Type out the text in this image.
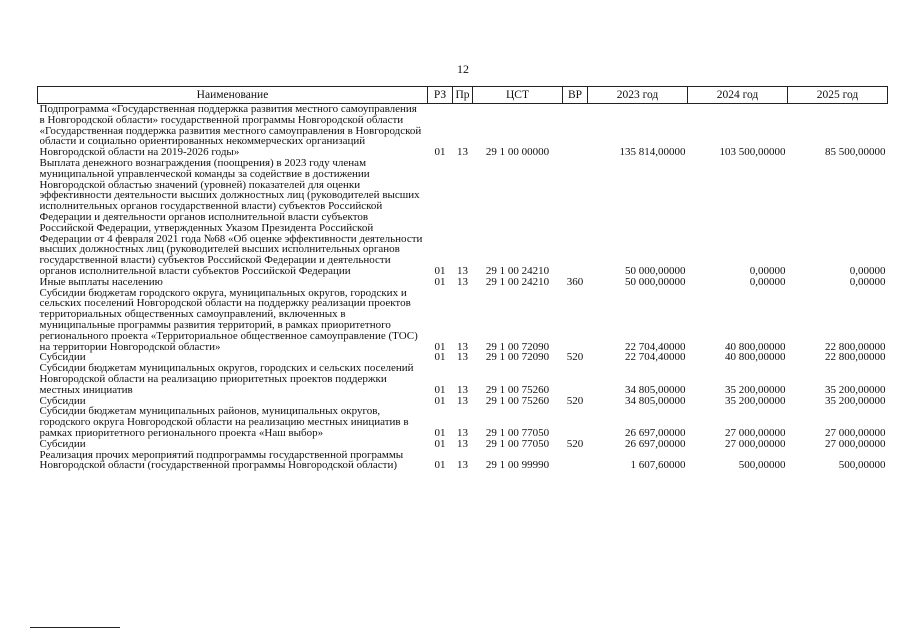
12
Наименование	РЗ	Пр	ЦСТ	ВР	2023 год	2024 год	2025 год
Подпрограмма «Государственная поддержка развития местного самоуправления в Новгородской области» государственной программы Новгородской области «Государственная поддержка развития местного самоуправления в Новгородской области и социально ориентированных некоммерческих организаций Новгородской области на 2019-2026 годы»	01	13	29 1 00 00000		135 814,00000	103 500,00000	85 500,00000
Выплата денежного вознаграждения (поощрения) в 2023 году членам муниципальной управленческой команды за содействие в достижении Новгородской областью значений (уровней) показателей для оценки эффективности деятельности высших должностных лиц (руководителей высших исполнительных органов государственной власти) субъектов Российской Федерации и деятельности органов исполнительной власти субъектов Российской Федерации, утвержденных Указом Президента Российской Федерации от 4 февраля 2021 года №68 «Об оценке эффективности деятельности высших должностных лиц (руководителей высших исполнительных органов государственной власти) субъектов Российской Федерации и деятельности органов исполнительной власти субъектов Российской Федерации	01	13	29 1 00 24210		50 000,00000	0,00000	0,00000
Иные выплаты населению	01	13	29 1 00 24210	360	50 000,00000	0,00000	0,00000
Субсидии бюджетам городского округа, муниципальных округов, городских и сельских поселений Новгородской области на поддержку реализации проектов территориальных общественных самоуправлений, включенных в муниципальные программы развития территорий, в рамках приоритетного регионального проекта «Территориальное общественное самоуправление (ТОС) на территории Новгородской области»	01	13	29 1 00 72090		22 704,40000	40 800,00000	22 800,00000
Субсидии	01	13	29 1 00 72090	520	22 704,40000	40 800,00000	22 800,00000
Субсидии бюджетам муниципальных округов, городских и сельских поселений Новгородской области на реализацию приоритетных проектов поддержки местных инициатив	01	13	29 1 00 75260		34 805,00000	35 200,00000	35 200,00000
Субсидии	01	13	29 1 00 75260	520	34 805,00000	35 200,00000	35 200,00000
Субсидии бюджетам муниципальных районов, муниципальных округов, городского округа Новгородской области на реализацию местных инициатив в рамках приоритетного регионального проекта «Наш выбор»	01	13	29 1 00 77050		26 697,00000	27 000,00000	27 000,00000
Субсидии	01	13	29 1 00 77050	520	26 697,00000	27 000,00000	27 000,00000
Реализация прочих мероприятий подпрограммы государственной программы Новгородской области (государственной программы Новгородской области)	01	13	29 1 00 99990		1 607,60000	500,00000	500,00000
